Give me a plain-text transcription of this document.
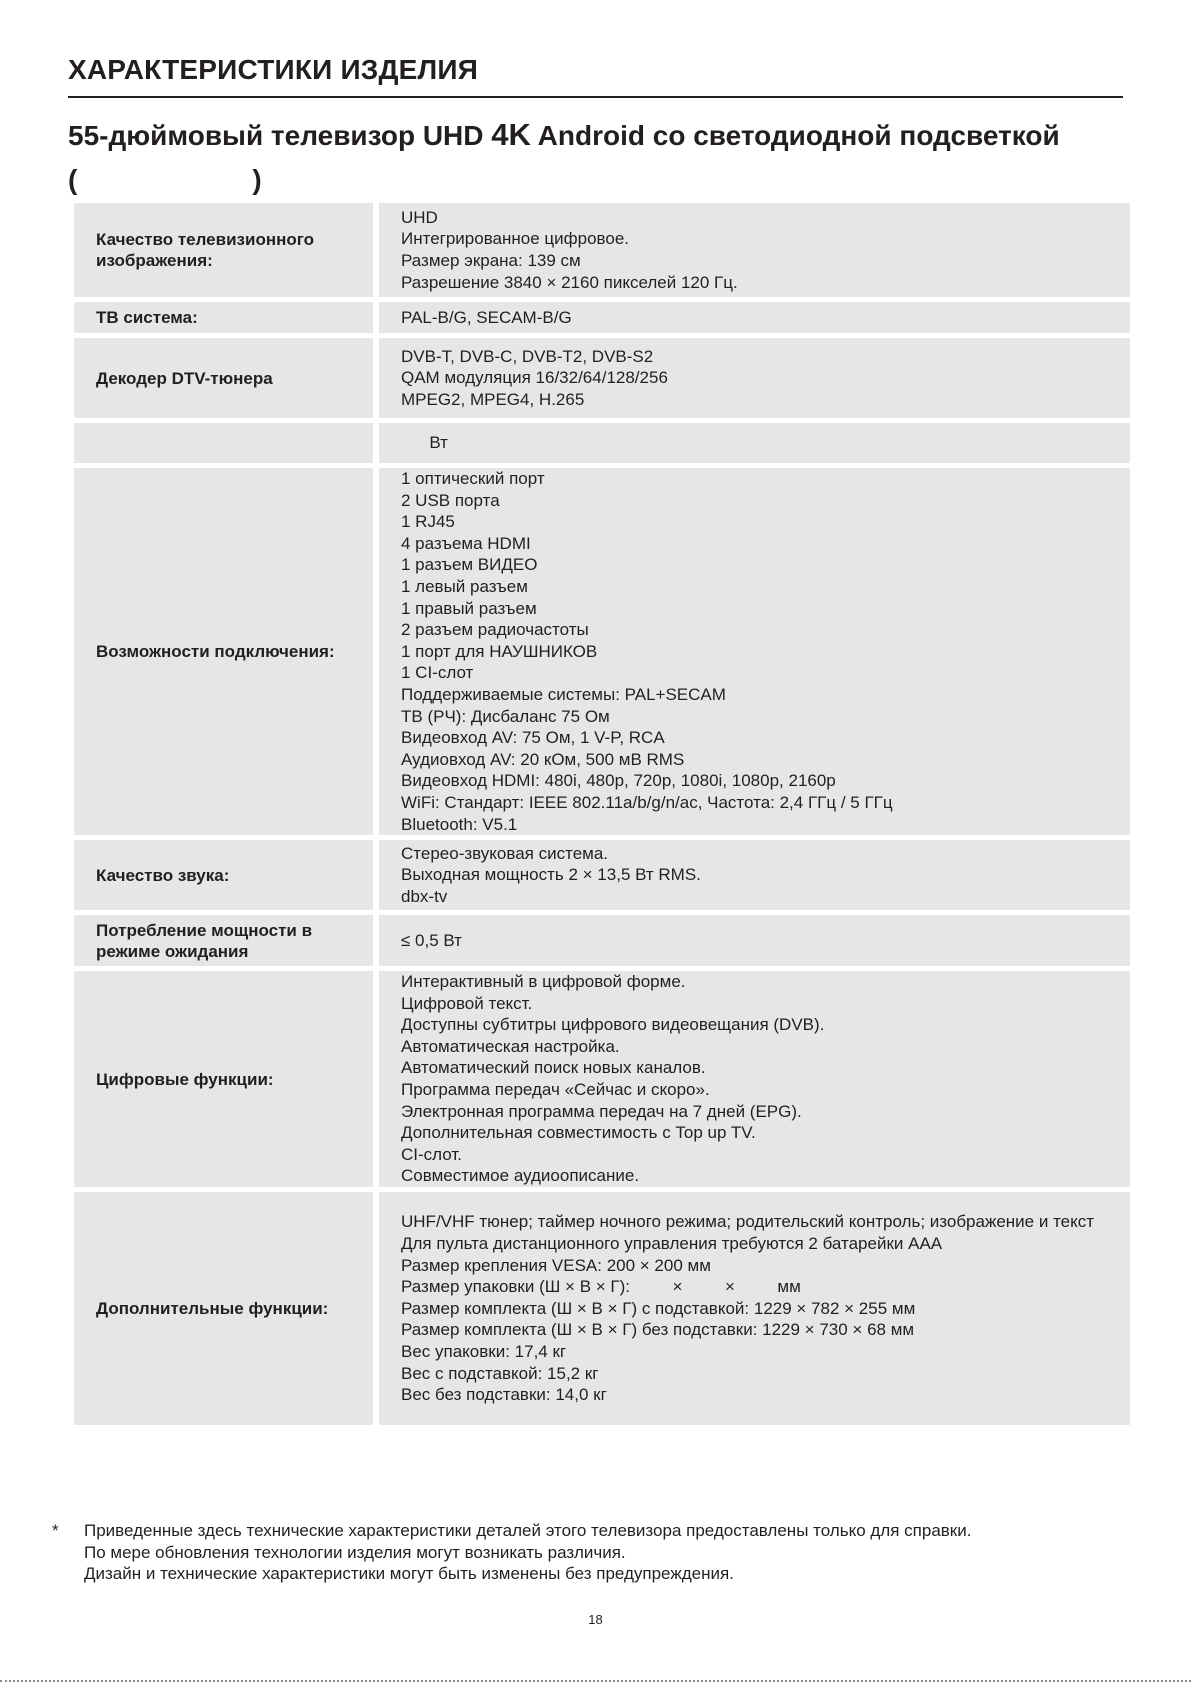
ХАРАКТЕРИСТИКИ ИЗДЕЛИЯ
55-дюймовый телевизор UHD 4K Android со светодиодной подсветкой
(	)
Качество телевизионного изображения:
UHD
Интегрированное цифровое.
Размер экрана: 139 см
Разрешение 3840 × 2160 пикселей 120 Гц.
ТВ система:	PAL-B/G, SECAM-B/G
Декодер DTV-тюнера
DVB-T, DVB-C, DVB-T2, DVB-S2
QAM модуляция 16/32/64/128/256
MPEG2, MPEG4, H.265
Вт
Возможности подключения:
1 оптический порт
2 USB порта
1 RJ45
4 разъема HDMI
1 разъем ВИДЕО
1 левый разъем
1 правый разъем
2 разъем радиочастоты
1 порт для НАУШНИКОВ
1 CI-слот
Поддерживаемые системы: PAL+SECAM
ТВ (РЧ): Дисбаланс 75 Ом
Видеовход AV: 75 Ом, 1 V-P, RCA
Аудиовход AV: 20 кОм, 500 мВ RMS
Видеовход HDMI: 480i, 480p, 720p, 1080i, 1080p, 2160p
WiFi: Стандарт: IEEE 802.11a/b/g/n/ac, Частота: 2,4 ГГц / 5 ГГц
Bluetooth: V5.1
Качество звука:
Стерео-звуковая система.
Выходная мощность 2 × 13,5 Вт RMS.
dbx-tv
Потребление мощности в режиме ожидания
≤ 0,5 Вт
Цифровые функции:
Интерактивный в цифровой форме.
Цифровой текст.
Доступны субтитры цифрового видеовещания (DVB).
Автоматическая настройка.
Автоматический поиск новых каналов.
Программа передач «Сейчас и скоро».
Электронная программа передач на 7 дней (EPG).
Дополнительная совместимость с Top up TV.
CI-слот.
Совместимое аудиоописание.
Дополнительные функции:
UHF/VHF тюнер; таймер ночного режима; родительский контроль; изображение и текст
Для пульта дистанционного управления требуются 2 батарейки AAA
Размер крепления VESA: 200 × 200 мм
Размер упаковки (Ш × В × Г):         ×         ×         мм
Размер комплекта (Ш × В × Г) с подставкой: 1229 × 782 × 255 мм
Размер комплекта (Ш × В × Г) без подставки: 1229 × 730 × 68 мм
Вес упаковки: 17,4 кг
Вес с подставкой: 15,2 кг
Вес без подставки: 14,0 кг
* Приведенные здесь технические характеристики деталей этого телевизора предоставлены только для справки.
По мере обновления технологии изделия могут возникать различия.
Дизайн и технические характеристики могут быть изменены без предупреждения.
18
